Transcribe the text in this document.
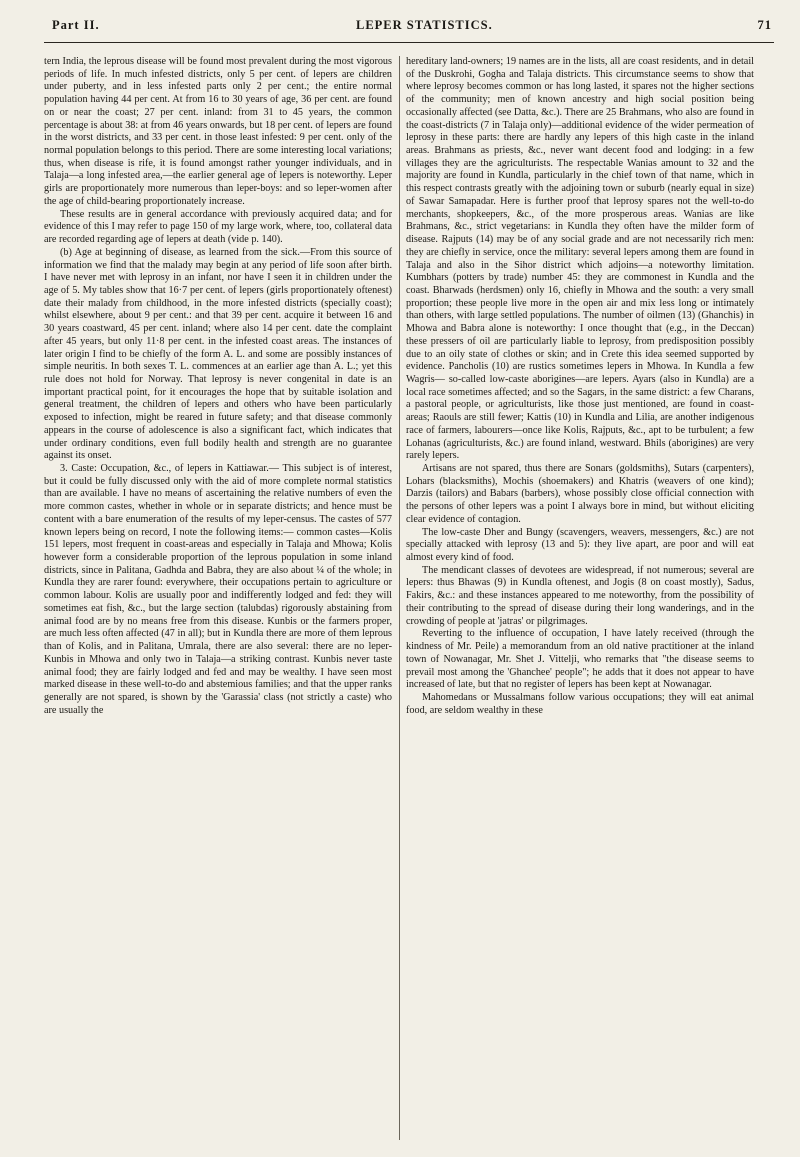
Part II.	LEPER STATISTICS.	71

tern India, the leprous disease will be found most prevalent during the most vigorous periods of life. In much infested districts, only 5 per cent. of lepers are children under puberty, and in less infested parts only 2 per cent.; the entire normal population having 44 per cent. At from 16 to 30 years of age, 36 per cent. are found on or near the coast; 27 per cent. inland: from 31 to 45 years, the common percentage is about 38: at from 46 years onwards, but 18 per cent. of lepers are found in the worst districts, and 33 per cent. in those least infested: 9 per cent. only of the normal population belongs to this period. There are some interesting local variations; thus, when disease is rife, it is found amongst rather younger individuals, and in Talaja—a long infested area,—the earlier general age of lepers is noteworthy. Leper girls are proportionately more numerous than leper-boys: and so leper-women after the age of child-bearing proportionately increase.

These results are in general accordance with previously acquired data; and for evidence of this I may refer to page 150 of my large work, where, too, collateral data are recorded regarding age of lepers at death (vide p. 140).

(b) Age at beginning of disease, as learned from the sick.—From this source of information we find that the malady may begin at any period of life soon after birth. I have never met with leprosy in an infant, nor have I seen it in children under the age of 5. My tables show that 16·7 per cent. of lepers (girls proportionately oftenest) date their malady from childhood, in the more infested districts (specially coast); whilst elsewhere, about 9 per cent.: and that 39 per cent. acquire it between 16 and 30 years coastward, 45 per cent. inland; where also 14 per cent. date the complaint after 45 years, but only 11·8 per cent. in the infested coast areas. The instances of later origin I find to be chiefly of the form A. L. and some are possibly instances of simple neuritis. In both sexes T. L. commences at an earlier age than A. L.; yet this rule does not hold for Norway. That leprosy is never congenital in date is an important practical point, for it encourages the hope that by suitable isolation and general treatment, the children of lepers and others who have been particularly exposed to infection, might be reared in future safety; and that disease commonly appears in the course of adolescence is also a significant fact, which indicates that under ordinary conditions, even full bodily health and strength are no guarantee against its onset.

3. Caste: Occupation, &c., of lepers in Kattiawar.— This subject is of interest, but it could be fully discussed only with the aid of more complete normal statistics than are available. I have no means of ascertaining the relative numbers of even the more common castes, whether in whole or in separate districts; and hence must be content with a bare enumeration of the results of my leper-census. The castes of 577 known lepers being on record, I note the following items:— common castes—Kolis 151 lepers, most frequent in coast-areas and especially in Talaja and Mhowa; Kolis however form a considerable proportion of the leprous population in some inland districts, since in Palitana, Gadhda and Babra, they are also about ¼ of the whole; in Kundla they are rarer found: everywhere, their occupations pertain to agriculture or common labour. Kolis are usually poor and indifferently lodged and fed: they will sometimes eat fish, &c., but the large section (talubdas) rigorously abstaining from animal food are by no means free from this disease. Kunbis or the farmers proper, are much less often affected (47 in all); but in Kundla there are more of them leprous than of Kolis, and in Palitana, Umrala, there are also several: there are no leper-Kunbis in Mhowa and only two in Talaja—a striking contrast. Kunbis never taste animal food; they are fairly lodged and fed and may be wealthy. I have seen most marked disease in these well-to-do and abstemious families; and that the upper ranks generally are not spared, is shown by the 'Garassia' class (not strictly a caste) who are usually the

hereditary land-owners; 19 names are in the lists, all are coast residents, and in detail of the Duskrohi, Gogha and Talaja districts. This circumstance seems to show that where leprosy becomes common or has long lasted, it spares not the higher sections of the community; men of known ancestry and high social position being occasionally affected (see Datta, &c.). There are 25 Brahmans, who also are found in the coast-districts (7 in Talaja only)—additional evidence of the wider permeation of leprosy in these parts: there are hardly any lepers of this high caste in the inland areas. Brahmans as priests, &c., never want decent food and lodging: in a few villages they are the agriculturists. The respectable Wanias amount to 32 and the majority are found in Kundla, particularly in the chief town of that name, which in this respect contrasts greatly with the adjoining town or suburb (nearly equal in size) of Sawar Samapadar. Here is further proof that leprosy spares not the well-to-do merchants, shopkeepers, &c., of the more prosperous areas. Wanias are like Brahmans, &c., strict vegetarians: in Kundla they often have the milder form of disease. Rajputs (14) may be of any social grade and are not necessarily rich men: they are chiefly in service, once the military: several lepers among them are found in Talaja and also in the Sihor district which adjoins—a noteworthy limitation. Kumbhars (potters by trade) number 45: they are commonest in Kundla and the coast. Bharwads (herdsmen) only 16, chiefly in Mhowa and the south: a very small proportion; these people live more in the open air and mix less long or intimately than others, with large settled populations. The number of oilmen (13) (Ghanchis) in Mhowa and Babra alone is noteworthy: I once thought that (e.g., in the Deccan) these pressers of oil are particularly liable to leprosy, from predisposition possibly due to an oily state of clothes or skin; and in Crete this idea seemed supported by evidence. Pancholis (10) are rustics sometimes lepers in Mhowa. In Kundla a few Wagris— so-called low-caste aborigines—are lepers. Ayars (also in Kundla) are a local race sometimes affected; and so the Sagars, in the same district: a few Charans, a pastoral people, or agriculturists, like those just mentioned, are found in coast-areas; Raouls are still fewer; Kattis (10) in Kundla and Lilia, are another indigenous race of farmers, labourers—once like Kolis, Rajputs, &c., apt to be turbulent; a few Lohanas (agriculturists, &c.) are found inland, westward. Bhils (aborigines) are very rarely lepers.

Artisans are not spared, thus there are Sonars (goldsmiths), Sutars (carpenters), Lohars (blacksmiths), Mochis (shoemakers) and Khatris (weavers of one kind); Darzis (tailors) and Babars (barbers), whose possibly close official connection with the persons of other lepers was a point I always bore in mind, but without eliciting clear evidence of contagion.

The low-caste Dher and Bungy (scavengers, weavers, messengers, &c.) are not specially attacked with leprosy (13 and 5): they live apart, are poor and will eat almost every kind of food.

The mendicant classes of devotees are widespread, if not numerous; several are lepers: thus Bhawas (9) in Kundla oftenest, and Jogis (8 on coast mostly), Sadus, Fakirs, &c.: and these instances appeared to me noteworthy, from the possibility of their contributing to the spread of disease during their long wanderings, and in the crowding of people at 'jatras' or pilgrimages.

Reverting to the influence of occupation, I have lately received (through the kindness of Mr. Peile) a memorandum from an old native practitioner at the inland town of Nowanagar, Mr. Shet J. Vittelji, who remarks that "the disease seems to prevail most among the 'Ghanchee' people"; he adds that it does not appear to have increased of late, but that no register of lepers has been kept at Nowanagar.

Mahomedans or Mussalmans follow various occupations; they will eat animal food, are seldom wealthy in these
